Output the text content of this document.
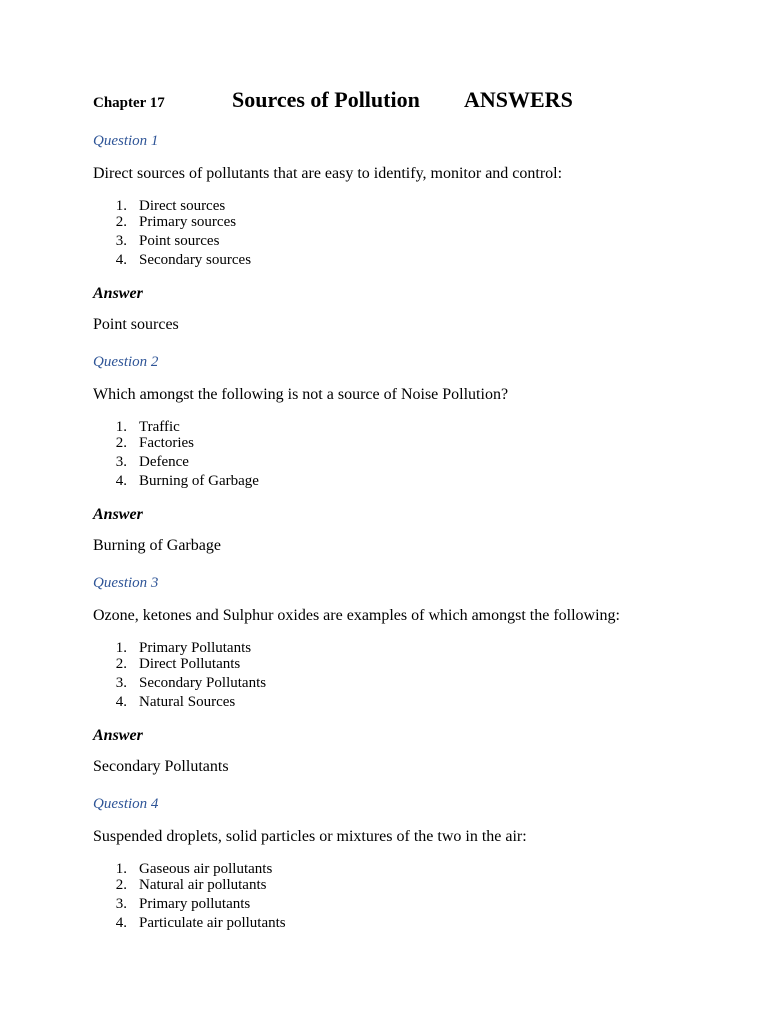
Chapter 17	Sources of Pollution ANSWERS
Question 1
Direct sources of pollutants that are easy to identify, monitor and control:
1. Direct sources
2. Primary sources
3. Point sources
4. Secondary sources
Answer
Point sources
Question 2
Which amongst the following is not a source of Noise Pollution?
1. Traffic
2. Factories
3. Defence
4. Burning of Garbage
Answer
Burning of Garbage
Question 3
Ozone, ketones and Sulphur oxides are examples of which amongst the following:
1. Primary Pollutants
2. Direct Pollutants
3. Secondary Pollutants
4. Natural Sources
Answer
Secondary Pollutants
Question 4
Suspended droplets, solid particles or mixtures of the two in the air:
1. Gaseous air pollutants
2. Natural air pollutants
3. Primary pollutants
4. Particulate air pollutants
